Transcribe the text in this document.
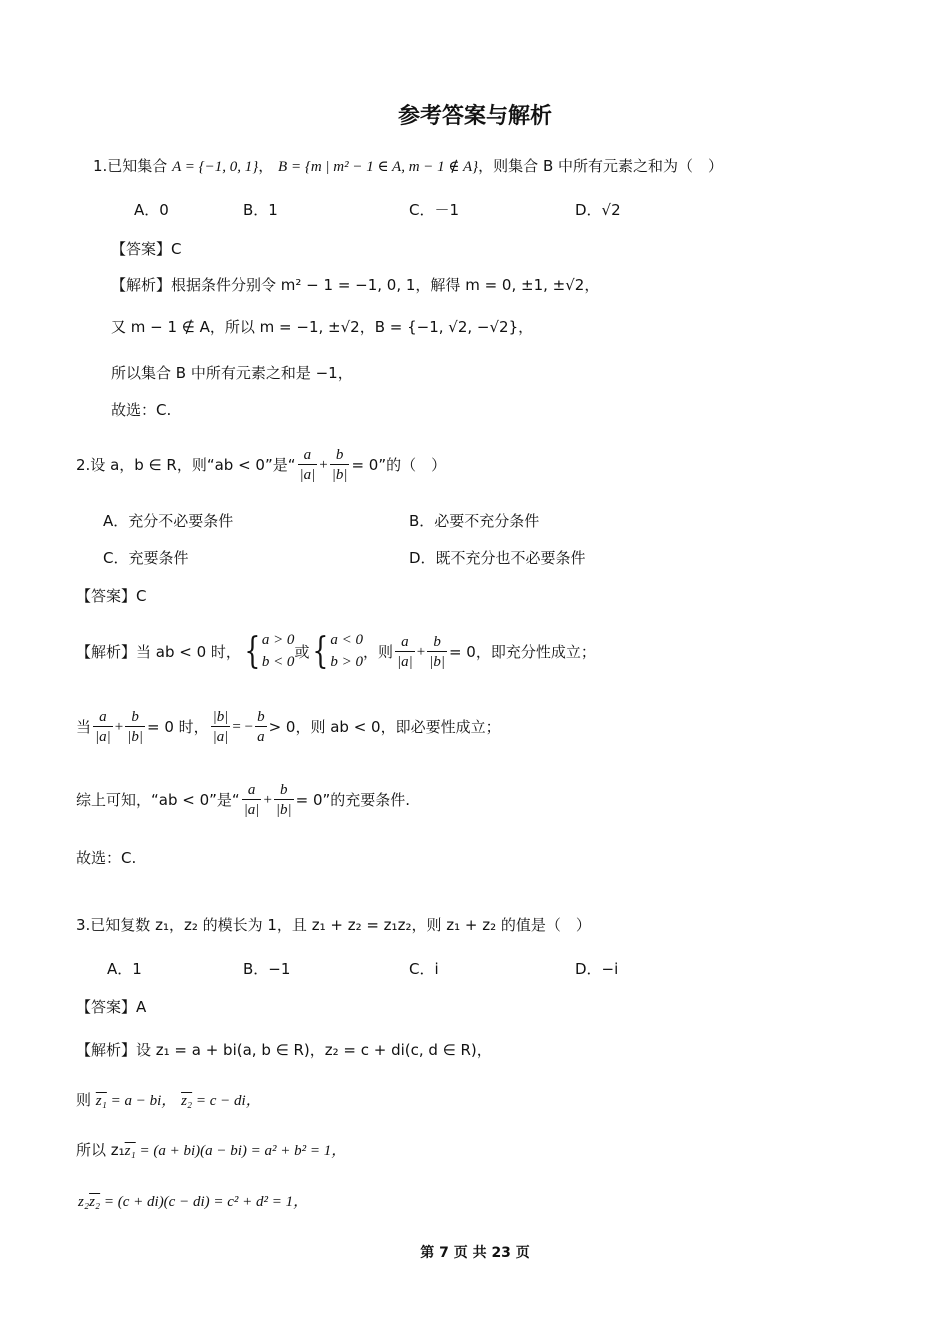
参考答案与解析
1.已知集合 A = {−1, 0, 1}， B = {m | m² − 1 ∈ A, m − 1 ∉ A}，则集合 B 中所有元素之和为（　）
A．0	B．1	C．－1	D．√2
【答案】C
【解析】根据条件分别令 m² − 1 = −1, 0, 1，解得 m = 0, ±1, ±√2，
又 m − 1 ∉ A，所以 m = −1, ±√2，B = {−1, √2, −√2}，
所以集合 B 中所有元素之和是 −1，
故选：C.
2.设 a，b ∈ R，则“ab < 0”是“ $\frac{a}{|a|} + \frac{b}{|b|} = 0$”的（　）
A．充分不必要条件	B．必要不充分条件
C．充要条件	D．既不充分也不必要条件
【答案】C
【解析】当 ab < 0 时， { a > 0
b < 0
或 { a < 0
b > 0
，则 $\frac{a}{|a|} + \frac{b}{|b|} = 0$，即充分性成立；
当 $\frac{a}{|a|} + \frac{b}{|b|} = 0$ 时， $\frac{|b|}{|a|}$ = − $\frac{b}{a} > 0$，则 ab < 0，即必要性成立；
综上可知，“ab < 0”是“ $\frac{a}{|a|} + \frac{b}{|b|} = 0$”的充要条件.
故选：C.
3.已知复数 z₁，z₂ 的模长为 1，且 z₁ + z₂ = z₁z₂，则 z₁ + z₂ 的值是（　）
A．1	B．−1	C．i	D．−i
【答案】A
【解析】设 z₁ = a + bi(a, b ∈ R)，z₂ = c + di(c, d ∈ R)，
则 z₁ = a − bi， z₂ = c − di，
所以 z₁z₁ = (a + bi)(a − bi) = a² + b² = 1，
z₂z₂ = (c + di)(c − di) = c² + d² = 1，
第 7 页 共 23 页
